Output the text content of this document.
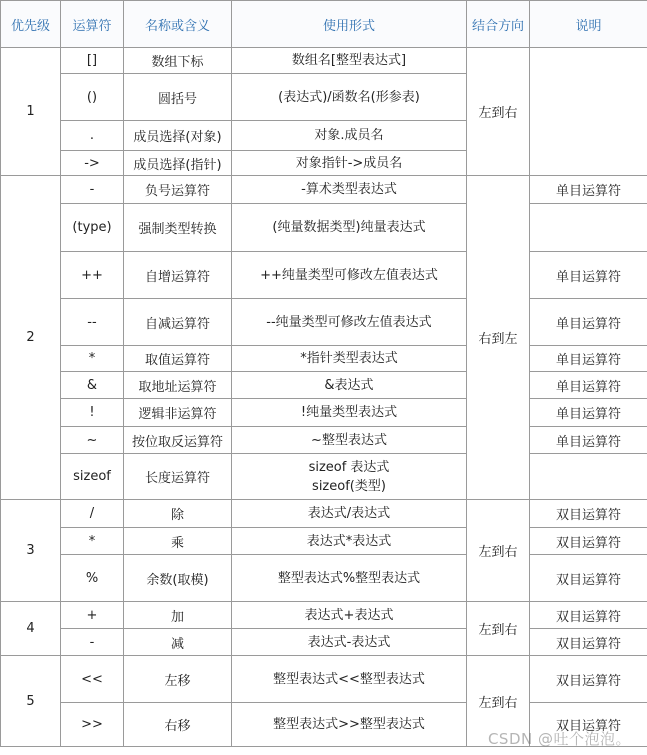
优先级	运算符	名称或含义	使用形式	结合方向	说明
1	[]	数组下标	数组名[整型表达式]	左到右	
	()	圆括号	(表达式)/函数名(形参表)		

	.	成员选择(对象)	对象.成员名		

	->	成员选择(指针)	对象指针->成员名		

2	-	负号运算符	-算术类型表达式	右到左	单目运算符
	(type)	强制类型转换	(纯量数据类型)纯量表达式		

	++	自增运算符	++纯量类型可修改左值表达式		单目运算符
	--	自减运算符	--纯量类型可修改左值表达式		单目运算符
	*	取值运算符	*指针类型表达式		单目运算符
	&	取地址运算符	&表达式		单目运算符
	!	逻辑非运算符	!纯量类型表达式		单目运算符
	~	按位取反运算符	~整型表达式		单目运算符
	sizeof	长度运算符	sizeof 表达式
sizeof(类型)		

3	/	除	表达式/表达式	左到右	双目运算符
	*	乘	表达式*表达式		双目运算符
	%	余数(取模)	整型表达式%整型表达式		双目运算符
4	+	加	表达式+表达式	左到右	双目运算符
	-	减	表达式-表达式		双目运算符
5	<<	左移	整型表达式<<整型表达式	左到右	双目运算符
	>>	右移	整型表达式>>整型表达式		双目运算符
CSDN @吐个泡泡。
